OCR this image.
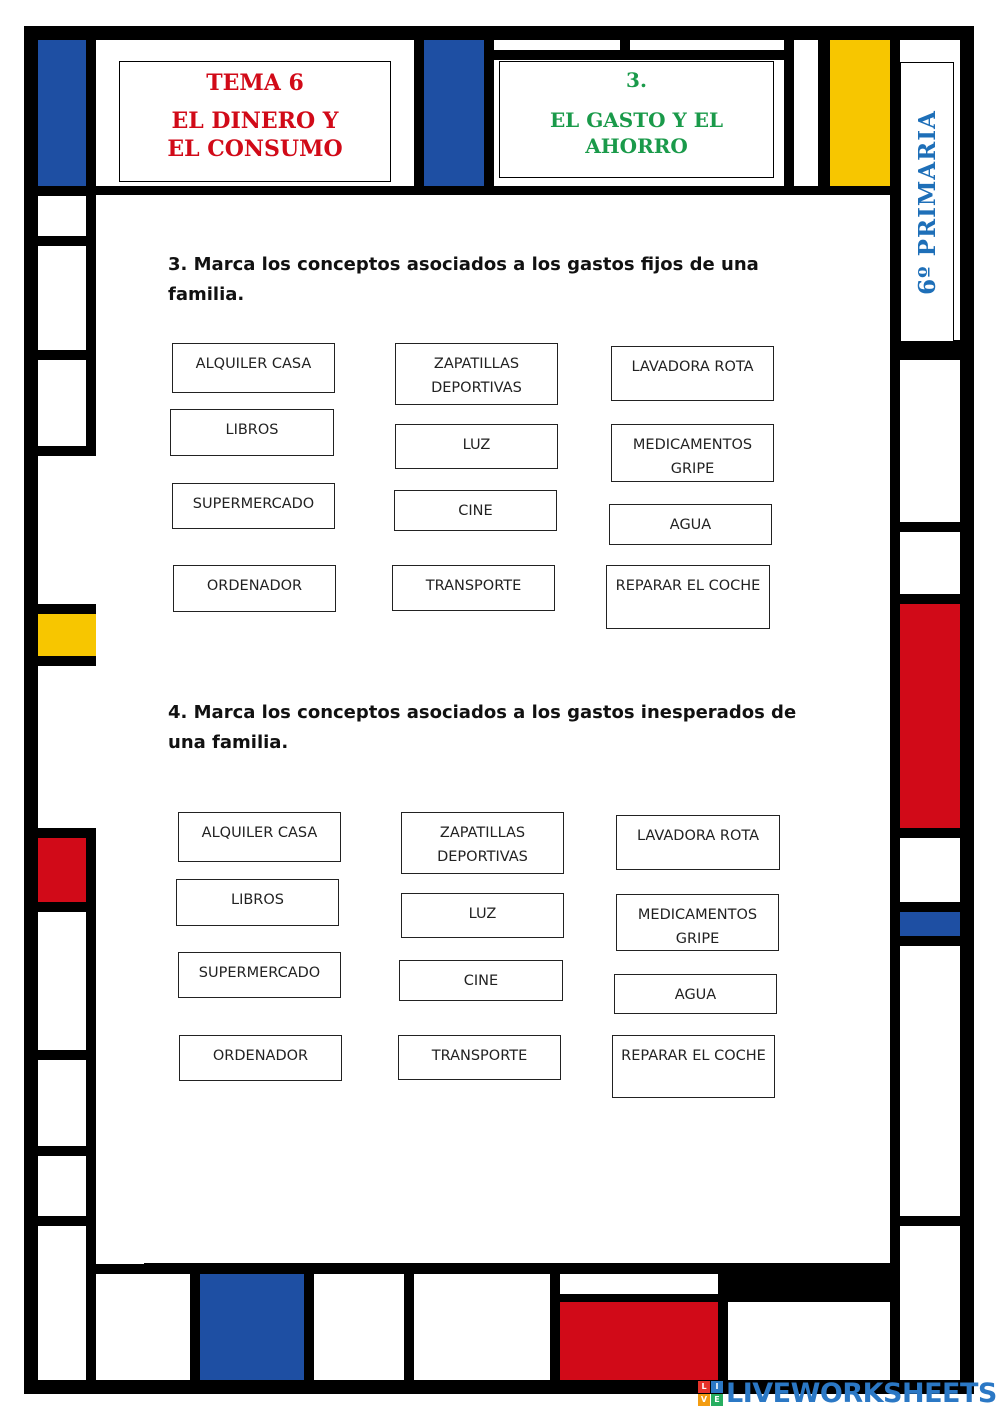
TEMA 6
EL DINERO Y
EL CONSUMO
3.
EL GASTO Y EL
AHORRO	6º PRIMARIA
3. Marca los conceptos asociados a los gastos fijos de una familia.
ALQUILER CASA	ZAPATILLAS DEPORTIVAS
LAVADORA ROTA
LIBROS
LUZ	MEDICAMENTOS GRIPE
SUPERMERCADO	CINE
AGUA
ORDENADOR	TRANSPORTE	REPARAR EL COCHE
4. Marca los conceptos asociados a los gastos inesperados de una familia.
ALQUILER CASA	ZAPATILLAS DEPORTIVAS
LAVADORA ROTA
LIBROS
LUZ	MEDICAMENTOS GRIPE
SUPERMERCADO	CINE
AGUA
ORDENADOR	TRANSPORTE	REPARAR EL COCHE
L	I
V E LIVEWORKSHEETS
